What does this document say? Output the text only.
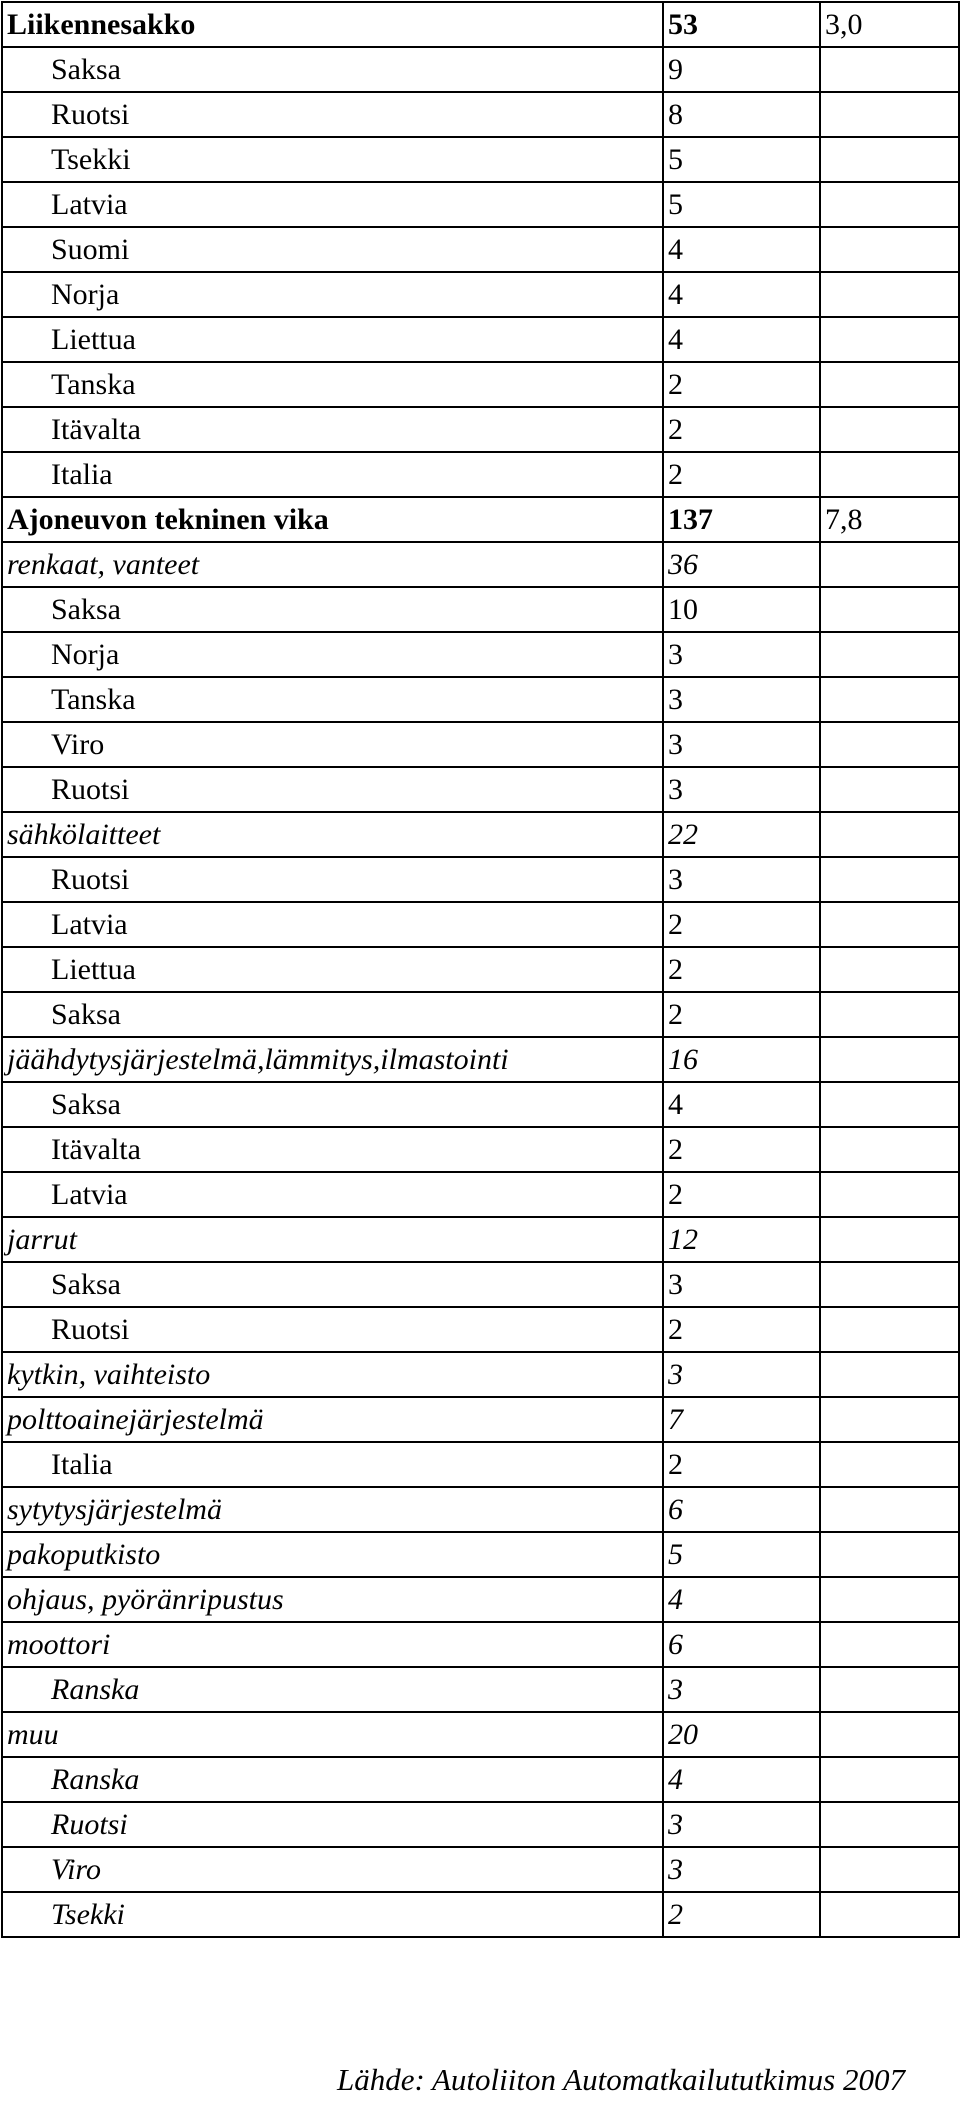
Liikennesakko	53	3,0
Saksa	9	
Ruotsi	8	
Tsekki	5	
Latvia	5	
Suomi	4	
Norja	4	
Liettua	4	
Tanska	2	
Itävalta	2	
Italia	2	
Ajoneuvon tekninen vika	137	7,8
renkaat, vanteet	36	
Saksa	10	
Norja	3	
Tanska	3	
Viro	3	
Ruotsi	3	
sähkölaitteet	22	
Ruotsi	3	
Latvia	2	
Liettua	2	
Saksa	2	
jäähdytysjärjestelmä,lämmitys,ilmastointi	16	
Saksa	4	
Itävalta	2	
Latvia	2	
jarrut	12	
Saksa	3	
Ruotsi	2	
kytkin, vaihteisto	3	
polttoainejärjestelmä	7	
Italia	2	
sytytysjärjestelmä	6	
pakoputkisto	5	
ohjaus, pyöränripustus	4	
moottori	6	
Ranska	3	
muu	20	
Ranska	4	
Ruotsi	3	
Viro	3	
Tsekki	2	
Lähde: Autoliiton Automatkailututkimus 2007
